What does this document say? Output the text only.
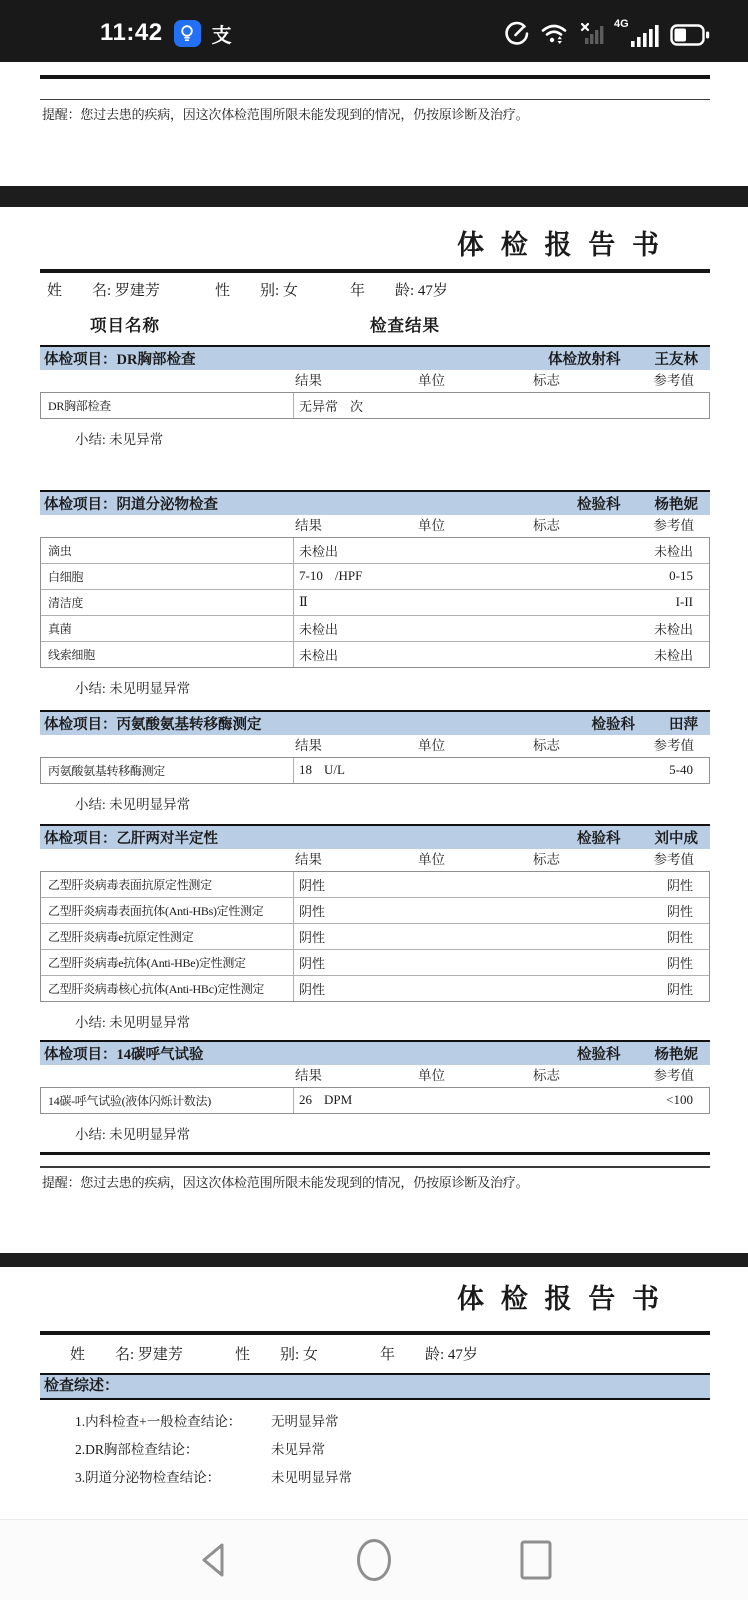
11:42 支
4G
提醒：您过去患的疾病，因这次体检范围所限未能发现到的情况，仍按原诊断及治疗。
体 检 报 告 书
姓　　名: 罗建芳	性　　别: 女	年　　龄: 47岁
项目名称	检查结果
体检项目：DR胸部检查	体检放射科 王友林
结果	单位	标志	参考值
DR胸部检查	无异常 次
小结: 未见异常
体检项目：阴道分泌物检查	检验科 杨艳妮
结果	单位	标志	参考值
滴虫	未检出	未检出
白细胞	7-10 /HPF	0-15
清洁度	Ⅱ	I-II
真菌	未检出	未检出
线索细胞	未检出	未检出
小结: 未见明显异常
体检项目：丙氨酸氨基转移酶测定	检验科 田萍
结果	单位	标志	参考值
丙氨酸氨基转移酶测定	18 U/L	5-40
小结: 未见明显异常
体检项目：乙肝两对半定性	检验科 刘中成
结果	单位	标志	参考值
乙型肝炎病毒表面抗原定性测定	阴性	阴性
乙型肝炎病毒表面抗体(Anti-HBs)定性测定	阴性	阴性
乙型肝炎病毒e抗原定性测定	阴性	阴性
乙型肝炎病毒e抗体(Anti-HBe)定性测定	阴性	阴性
乙型肝炎病毒核心抗体(Anti-HBc)定性测定	阴性	阴性
小结: 未见明显异常
体检项目：14碳呼气试验	检验科 杨艳妮
结果	单位	标志	参考值
14碳-呼气试验(液体闪烁计数法)	26 DPM	<100
小结: 未见明显异常
提醒：您过去患的疾病，因这次体检范围所限未能发现到的情况，仍按原诊断及治疗。
体 检 报 告 书
姓　　名: 罗建芳	性　　别: 女	年　　龄: 47岁
检查综述：
1.内科检查+一般检查结论：	无明显异常
2.DR胸部检查结论：	未见异常
3.阴道分泌物检查结论：	未见明显异常
